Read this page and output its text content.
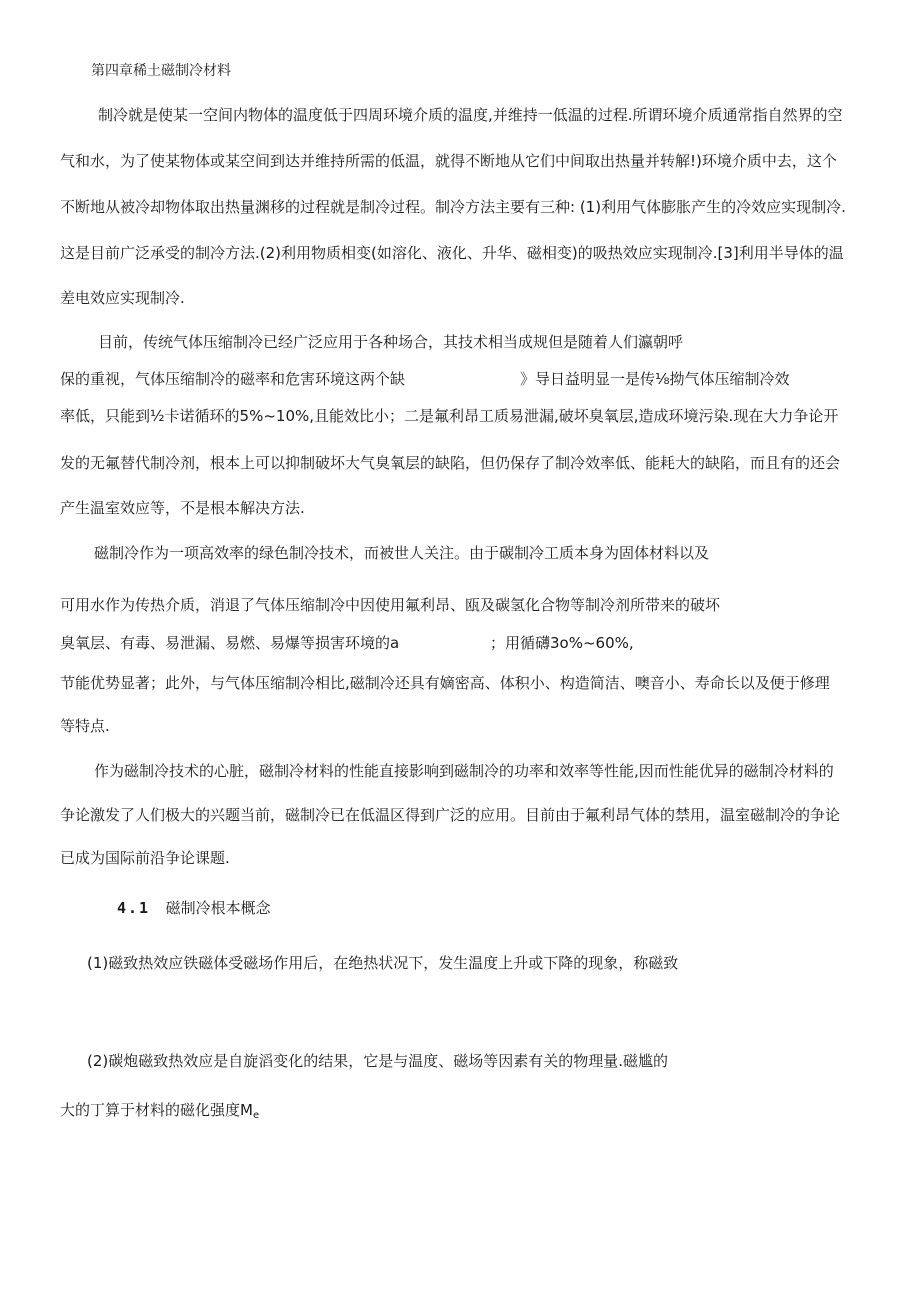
第四章稀土磁制冷材料
制冷就是使某一空间内物体的温度低于四周环境介质的温度,并维持一低温的过程.所谓环境介质通常指自然界的空
气和水，为了使某物体或某空间到达并维持所需的低温，就得不断地从它们中间取出热量并转解!)环境介质中去，这个
不断地从被冷却物体取出热量渊移的过程就是制冷过程。制冷方法主要有三种: (1)利用气体膨胀产生的冷效应实现制冷.
这是目前广泛承受的制冷方法.(2)利用物质相变(如溶化、液化、升华、磁相变)的吸热效应实现制冷.[3]利用半导体的温
差电效应实现制冷.
目前，传统气体压缩制冷已经广泛应用于各种场合，其技术相当成规但是随着人们瀛朝呼
保的重视，气体压缩制冷的磁率和危害环境这两个缺	》导日益明显一是传⅛拗气体压缩制冷效
率低，只能到½卡诺循环的5%~10%,且能效比小；二是氟利昂工质易泄漏,破坏臭氧层,造成环境污染.现在大力争论开
发的无氟替代制冷剂，根本上可以抑制破坏大气臭氧层的缺陷，但仍保存了制冷效率低、能耗大的缺陷，而且有的还会
产生温室效应等，不是根本解决方法.
磁制冷作为一项高效率的绿色制冷技术，而被世人关注。由于碳制冷工质本身为固体材料以及
可用水作为传热介质，消退了气体压缩制冷中因使用氟利昂、瓯及碳氢化合物等制冷剂所带来的破坏
臭氧层、有毒、易泄漏、易燃、易爆等损害环境的a	；用循礴3o%~60%,
节能优势显著；此外，与气体压缩制冷相比,磁制冷还具有嫡密高、体积小、构造简洁、噢音小、寿命长以及便于修理
等特点.
作为磁制冷技术的心脏，磁制冷材料的性能直接影响到磁制冷的功率和效率等性能,因而性能优异的磁制冷材料的
争论激发了人们极大的兴题当前，磁制冷已在低温区得到广泛的应用。目前由于氟利昂气体的禁用，温室磁制冷的争论
已成为国际前沿争论课题.
4.1 磁制冷根本概念
(1)磁致热效应铁磁体受磁场作用后，在绝热状况下，发生温度上升或下降的现象，称磁致
(2)碳炮磁致热效应是自旋滔变化的结果，它是与温度、磁场等因素有关的物理量.磁尴的
大的丁算于材料的磁化强度$M_e$
